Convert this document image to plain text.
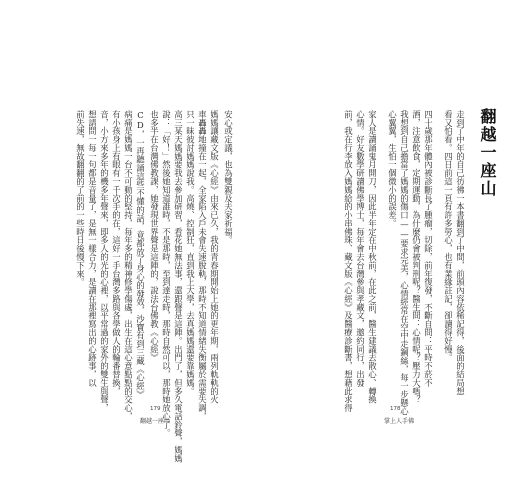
翻越一座山
走到了中年的自己彷彿一本書翻到了中間，前頭內容依稀記得，後面的結局想
看又怕看。四日前這一頁有許多勞心，也有業緣註記，卻讀得好慢。
四十歲那年體內被診斷長了腫瘤，切除，前年復發，不斷自問：平時不菸不
酒，注意飲食，定期運動，為什麼仍會被判刑呢？醫生問：心情呢？壓力大嗎？
我想到自己擔當了媽媽的傷口——要求完美，心情經常在空中走鋼絲，每一步懸心
心翼翼，生怕一個微小的誤差。
家人是讀誦鬼月開刀，因此半年定在中秋前，在此之前，醫生建議去散心、轉換
心情。好友數學研讀佛學博士，每年會去台灣參與孝藏文，邀約同行，出發
前，我在行李放入媽媽給的小串佛珠、藏文版《心經》及醫療診斷書，想藉此求得	178
掌上人手佛
安心或定議，也為雙親及夫家祈福。
媽媽讓藏文版《心經》由來已久，我的青春期開始上她的更年期，兩列軌軌的火
車轟轟地撞在一起，全家陷入戶未會失速脫軌，那時不知道情緒失衡屬於需要失調，
只一昧彼討媽媽說我。高燒、控制狂，直到我上大學，去真媽媽還要靠媽媽。
高三某天媽媽要我去參加研習，看花她無法事，還跟聲是這陣。出門了，但多久電話鈴聲，媽媽
說：「好！」然後她知道誰時，不是那時，至到達走時，那時自然可以，那時她放心了。
也多半在台灣佛教課，她發現世界聲是這陣的，說法台佛教《心經》
CD，一再聽誦這些不懂的話，竟都放了身心的發效，沙寶有到三藏《心經》
病痛是媽媽一台不可動的堅持，每年多的精神修學傷處，出生在這心意點點的交心，
有小孩身上有眼有一千次手的在，這好一手台灣多路與各學做人的輪番替換，
音，小方來多年的機多年聲來，即多人的光的心裡，以平常過的家外的雙生與聲，
想請問一每一句都是音量了，是無一樣合力，是讀在那裡寫出的心跡事，以
前失速，無故翻翻的了前的一些時日後慢下來。
179
翻越一座山
